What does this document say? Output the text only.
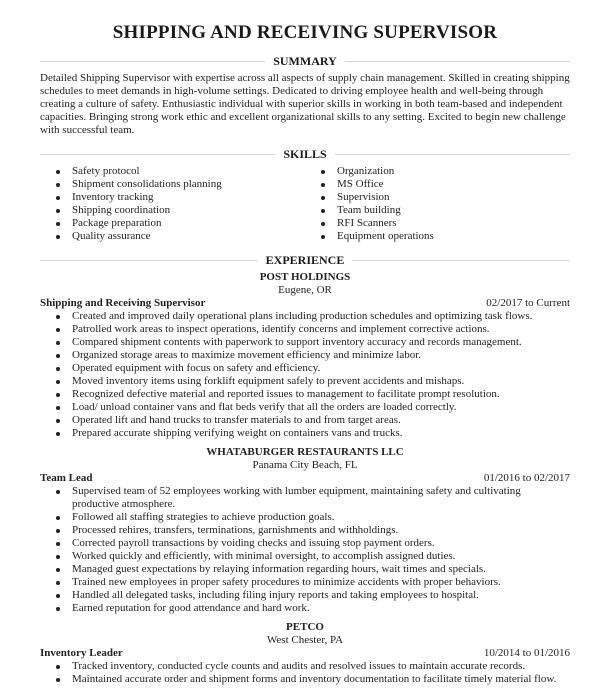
SHIPPING AND RECEIVING SUPERVISOR
SUMMARY
Detailed Shipping Supervisor with expertise across all aspects of supply chain management. Skilled in creating shipping schedules to meet demands in high-volume settings. Dedicated to driving employee health and well-being through creating a culture of safety. Enthusiastic individual with superior skills in working in both team-based and independent capacities. Bringing strong work ethic and excellent organizational skills to any setting. Excited to begin new challenge with successful team.
SKILLS
Safety protocol
Shipment consolidations planning
Inventory tracking
Shipping coordination
Package preparation
Quality assurance
Organization
MS Office
Supervision
Team building
RFI Scanners
Equipment operations
EXPERIENCE
POST HOLDINGS
Eugene, OR
Shipping and Receiving Supervisor	02/2017 to Current
Created and improved daily operational plans including production schedules and optimizing task flows.
Patrolled work areas to inspect operations, identify concerns and implement corrective actions.
Compared shipment contents with paperwork to support inventory accuracy and records management.
Organized storage areas to maximize movement efficiency and minimize labor.
Operated equipment with focus on safety and efficiency.
Moved inventory items using forklift equipment safely to prevent accidents and mishaps.
Recognized defective material and reported issues to management to facilitate prompt resolution.
Load/ unload container vans and flat beds verify that all the orders are loaded correctly.
Operated lift and hand trucks to transfer materials to and from target areas.
Prepared accurate shipping verifying weight on containers vans and trucks.
WHATABURGER RESTAURANTS LLC
Panama City Beach, FL
Team Lead	01/2016 to 02/2017
Supervised team of 52 employees working with lumber equipment, maintaining safety and cultivating productive atmosphere.
Followed all staffing strategies to achieve production goals.
Processed rehires, transfers, terminations, garnishments and withholdings.
Corrected payroll transactions by voiding checks and issuing stop payment orders.
Worked quickly and efficiently, with minimal oversight, to accomplish assigned duties.
Managed guest expectations by relaying information regarding hours, wait times and specials.
Trained new employees in proper safety procedures to minimize accidents with proper behaviors.
Handled all delegated tasks, including filing injury reports and taking employees to hospital.
Earned reputation for good attendance and hard work.
PETCO
West Chester, PA
Inventory Leader	10/2014 to 01/2016
Tracked inventory, conducted cycle counts and audits and resolved issues to maintain accurate records.
Maintained accurate order and shipment forms and inventory documentation to facilitate timely material flow.
